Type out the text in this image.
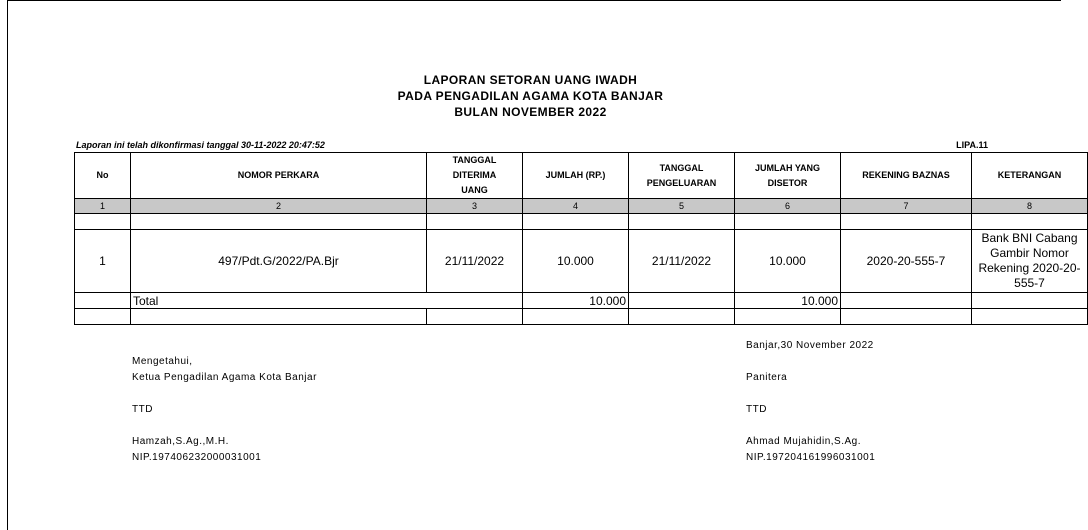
LAPORAN SETORAN UANG IWADH
PADA PENGADILAN AGAMA KOTA BANJAR
BULAN NOVEMBER 2022
Laporan ini telah dikonfirmasi tanggal 30-11-2022 20:47:52	LIPA.11
No	NOMOR PERKARA	TANGGAL DITERIMA UANG	JUMLAH (RP.)	TANGGAL PENGELUARAN	JUMLAH YANG DISETOR	REKENING BAZNAS	KETERANGAN
1	2	3	4	5	6	7	8

1	497/Pdt.G/2022/PA.Bjr	21/11/2022	10.000	21/11/2022	10.000	2020-20-555-7	Bank BNI Cabang Gambir Nomor Rekening 2020-20-555-7
	Total		10.000		10.000		

Mengetahui,
Ketua Pengadilan Agama Kota Banjar
TTD
Hamzah,S.Ag.,M.H.
NIP.197406232000031001
Banjar,30 November 2022
Panitera
TTD
Ahmad Mujahidin,S.Ag.
NIP.197204161996031001
